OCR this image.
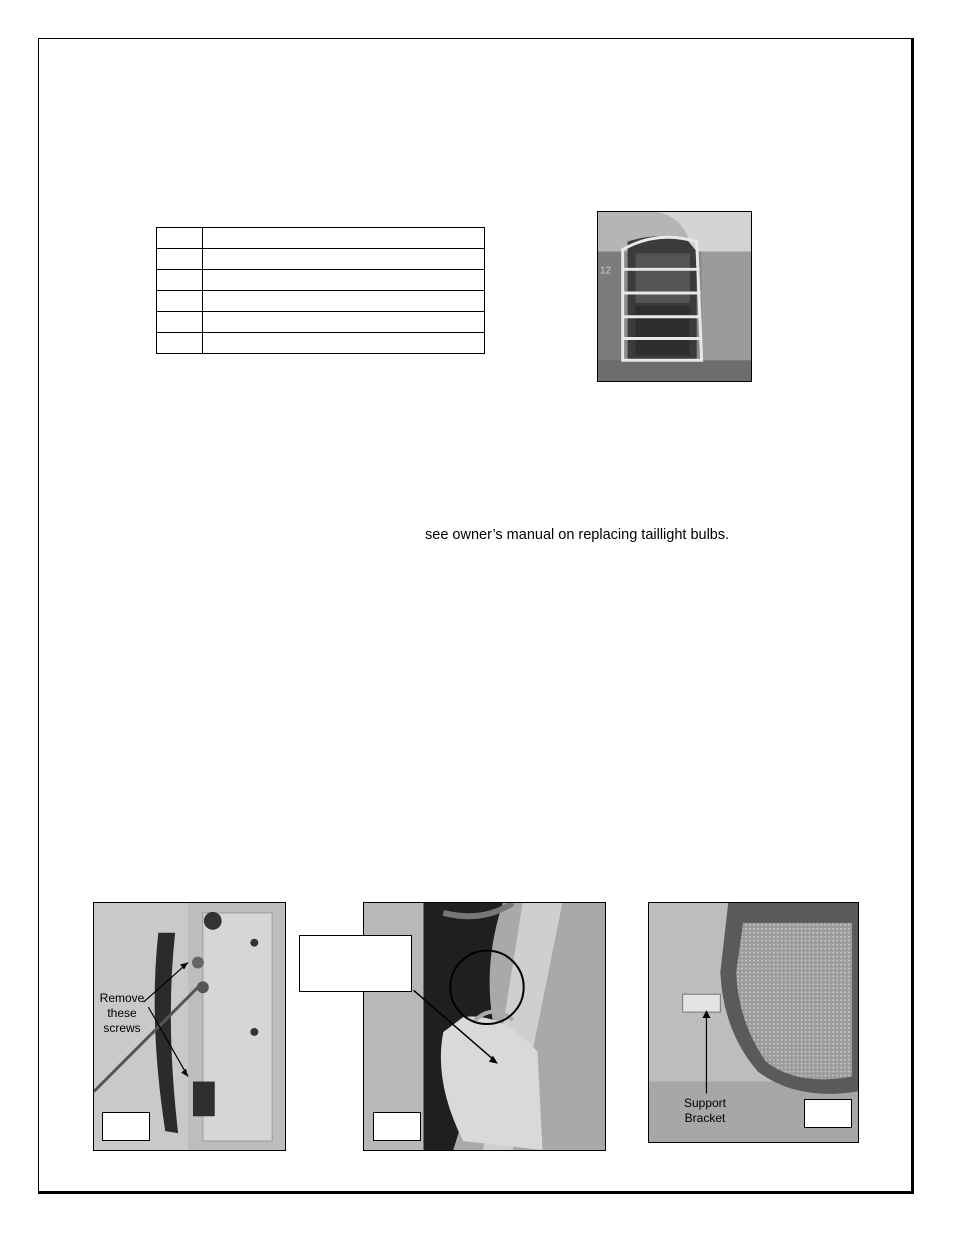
12
see owner’s manual on replacing taillight bulbs.
Remove these screws
Support Bracket
